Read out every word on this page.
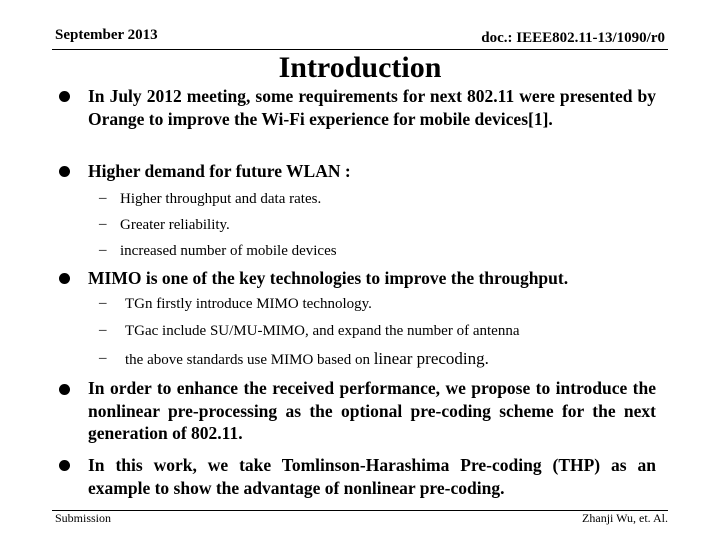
September 2013	doc.: IEEE802.11-13/1090/r0
Introduction
In July 2012 meeting, some requirements for next 802.11 were presented by Orange to improve the Wi-Fi experience for mobile devices[1].
Higher demand for future WLAN :
– Higher throughput and data rates.
– Greater reliability.
– increased number of mobile devices
MIMO is one of the key technologies to improve the throughput.
– TGn firstly introduce MIMO technology.
– TGac include SU/MU-MIMO, and expand the number of antenna
– the above standards use MIMO based on linear precoding.
In order to enhance the received performance, we propose to introduce the nonlinear pre-processing as the optional pre-coding scheme for the next generation of 802.11.
In this work, we take Tomlinson-Harashima Pre-coding (THP) as an example to show the advantage of nonlinear pre-coding.
Submission	Zhanji Wu, et. Al.
